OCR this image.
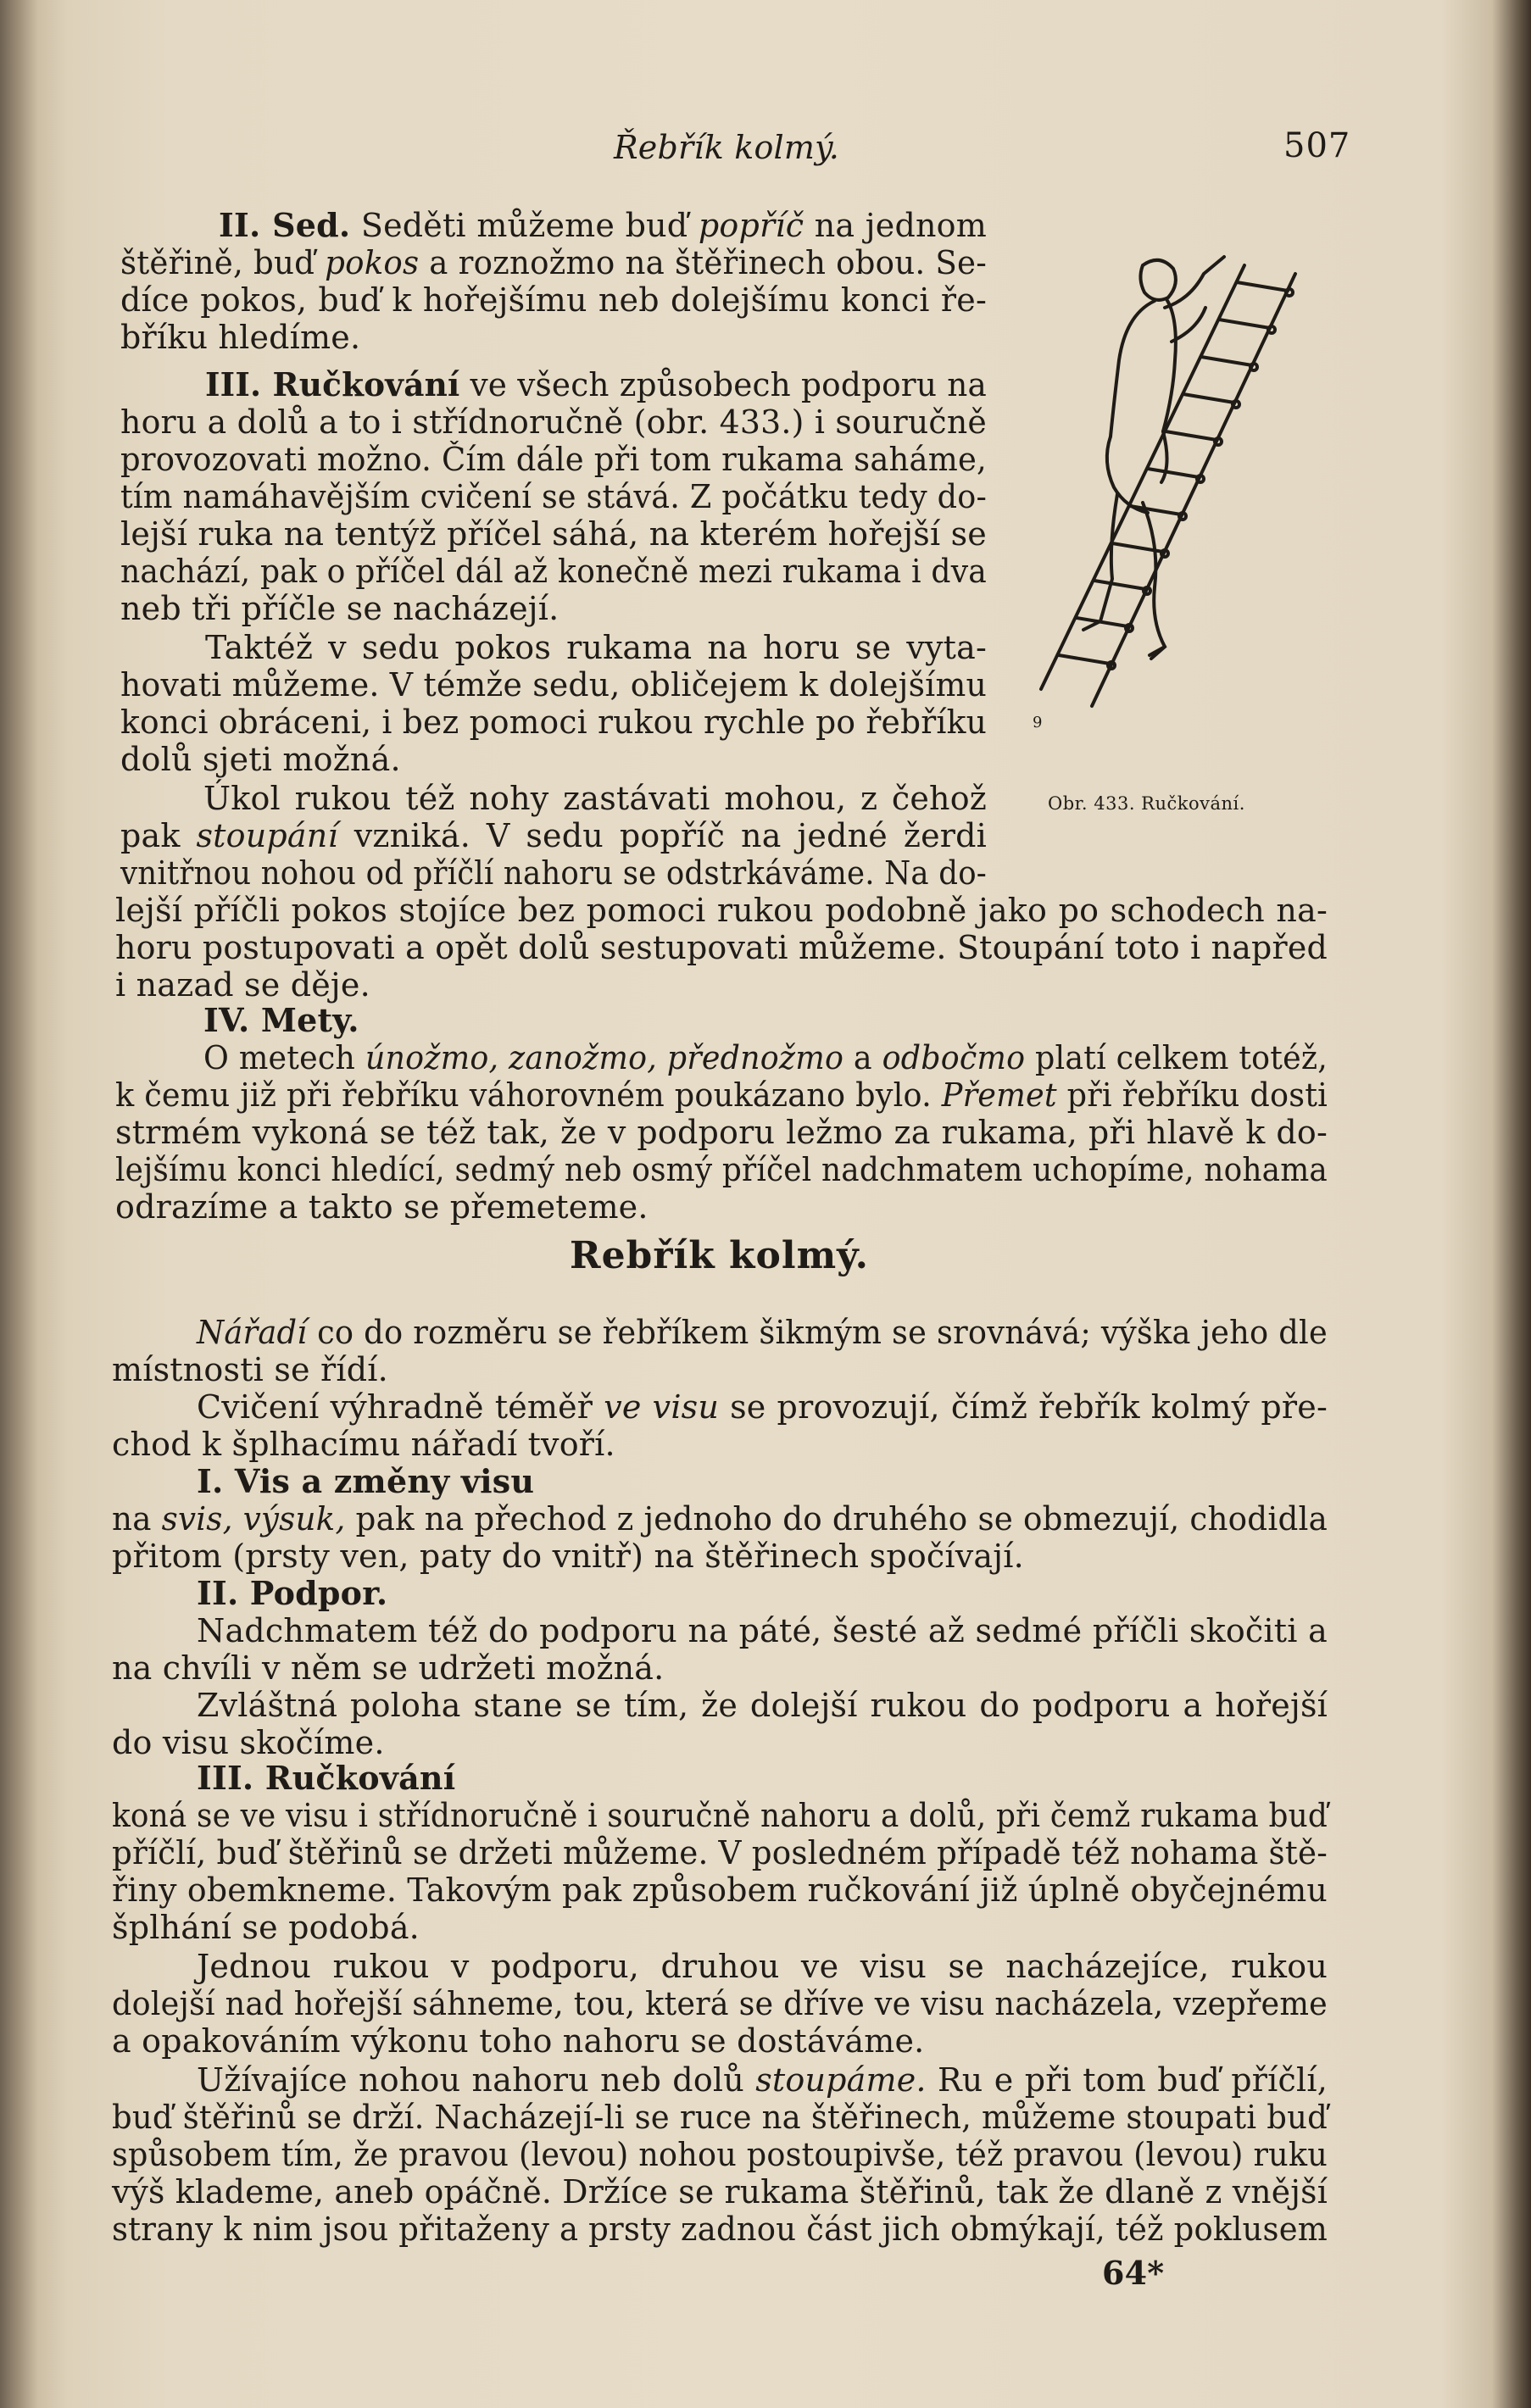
9
Řebřík kolmý.	507
Obr. 433. Ručkování.
64*
II. Sed. Seděti můžeme buď popříč na jednom
štěřině, buď pokos a roznožmo na štěřinech obou. Se-
díce pokos, buď k hořejšímu neb dolejšímu konci ře-
bříku hledíme.
III. Ručkování ve všech způsobech podporu na
horu a dolů a to i střídnoručně (obr. 433.) i souručně
provozovati možno. Čím dále při tom rukama saháme,
tím namáhavějším cvičení se stává. Z počátku tedy do-
lejší ruka na tentýž příčel sáhá, na kterém hořejší se
nachází, pak o příčel dál až konečně mezi rukama i dva
neb tři příčle se nacházejí.
Taktéž v sedu pokos rukama na horu se vyta-
hovati můžeme. V témže sedu, obličejem k dolejšímu
konci obráceni, i bez pomoci rukou rychle po řebříku
dolů sjeti možná.
Úkol rukou též nohy zastávati mohou, z čehož
pak stoupání vzniká. V sedu popříč na jedné žerdi
vnitřnou nohou od příčlí nahoru se odstrkáváme. Na do-
lejší příčli pokos stojíce bez pomoci rukou podobně jako po schodech na-
horu postupovati a opět dolů sestupovati můžeme. Stoupání toto i napřed
i nazad se děje.
IV. Mety.
O metech únožmo, zanožmo, přednožmo a odbočmo platí celkem totéž,
k čemu již při řebříku váhorovném poukázano bylo. Přemet při řebříku dosti
strmém vykoná se též tak, že v podporu ležmo za rukama, při hlavě k do-
lejšímu konci hledící, sedmý neb osmý příčel nadchmatem uchopíme, nohama
odrazíme a takto se přemeteme.
Rebřík kolmý.
Nářadí co do rozměru se řebříkem šikmým se srovnává; výška jeho dle
místnosti se řídí.
Cvičení výhradně téměř ve visu se provozují, čímž řebřík kolmý pře-
chod k šplhacímu nářadí tvoří.
I. Vis a změny visu
na svis, výsuk, pak na přechod z jednoho do druhého se obmezují, chodidla
přitom (prsty ven, paty do vnitř) na štěřinech spočívají.
II. Podpor.
Nadchmatem též do podporu na páté, šesté až sedmé příčli skočiti a
na chvíli v něm se udržeti možná.
Zvláštná poloha stane se tím, že dolejší rukou do podporu a hořejší
do visu skočíme.
III. Ručkování
koná se ve visu i střídnoručně i souručně nahoru a dolů, při čemž rukama buď
příčlí, buď štěřinů se držeti můžeme. V posledném případě též nohama ště-
řiny obemkneme. Takovým pak způsobem ručkování již úplně obyčejnému
šplhání se podobá.
Jednou rukou v podporu, druhou ve visu se nacházejíce, rukou
dolejší nad hořejší sáhneme, tou, která se dříve ve visu nacházela, vzepřeme
a opakováním výkonu toho nahoru se dostáváme.
Užívajíce nohou nahoru neb dolů stoupáme. Ru e při tom buď příčlí,
buď štěřinů se drží. Nacházejí-li se ruce na štěřinech, můžeme stoupati buď
spůsobem tím, že pravou (levou) nohou postoupivše, též pravou (levou) ruku
výš klademe, aneb opáčně. Držíce se rukama štěřinů, tak že dlaně z vnější
strany k nim jsou přitaženy a prsty zadnou část jich obmýkají, též poklusem
